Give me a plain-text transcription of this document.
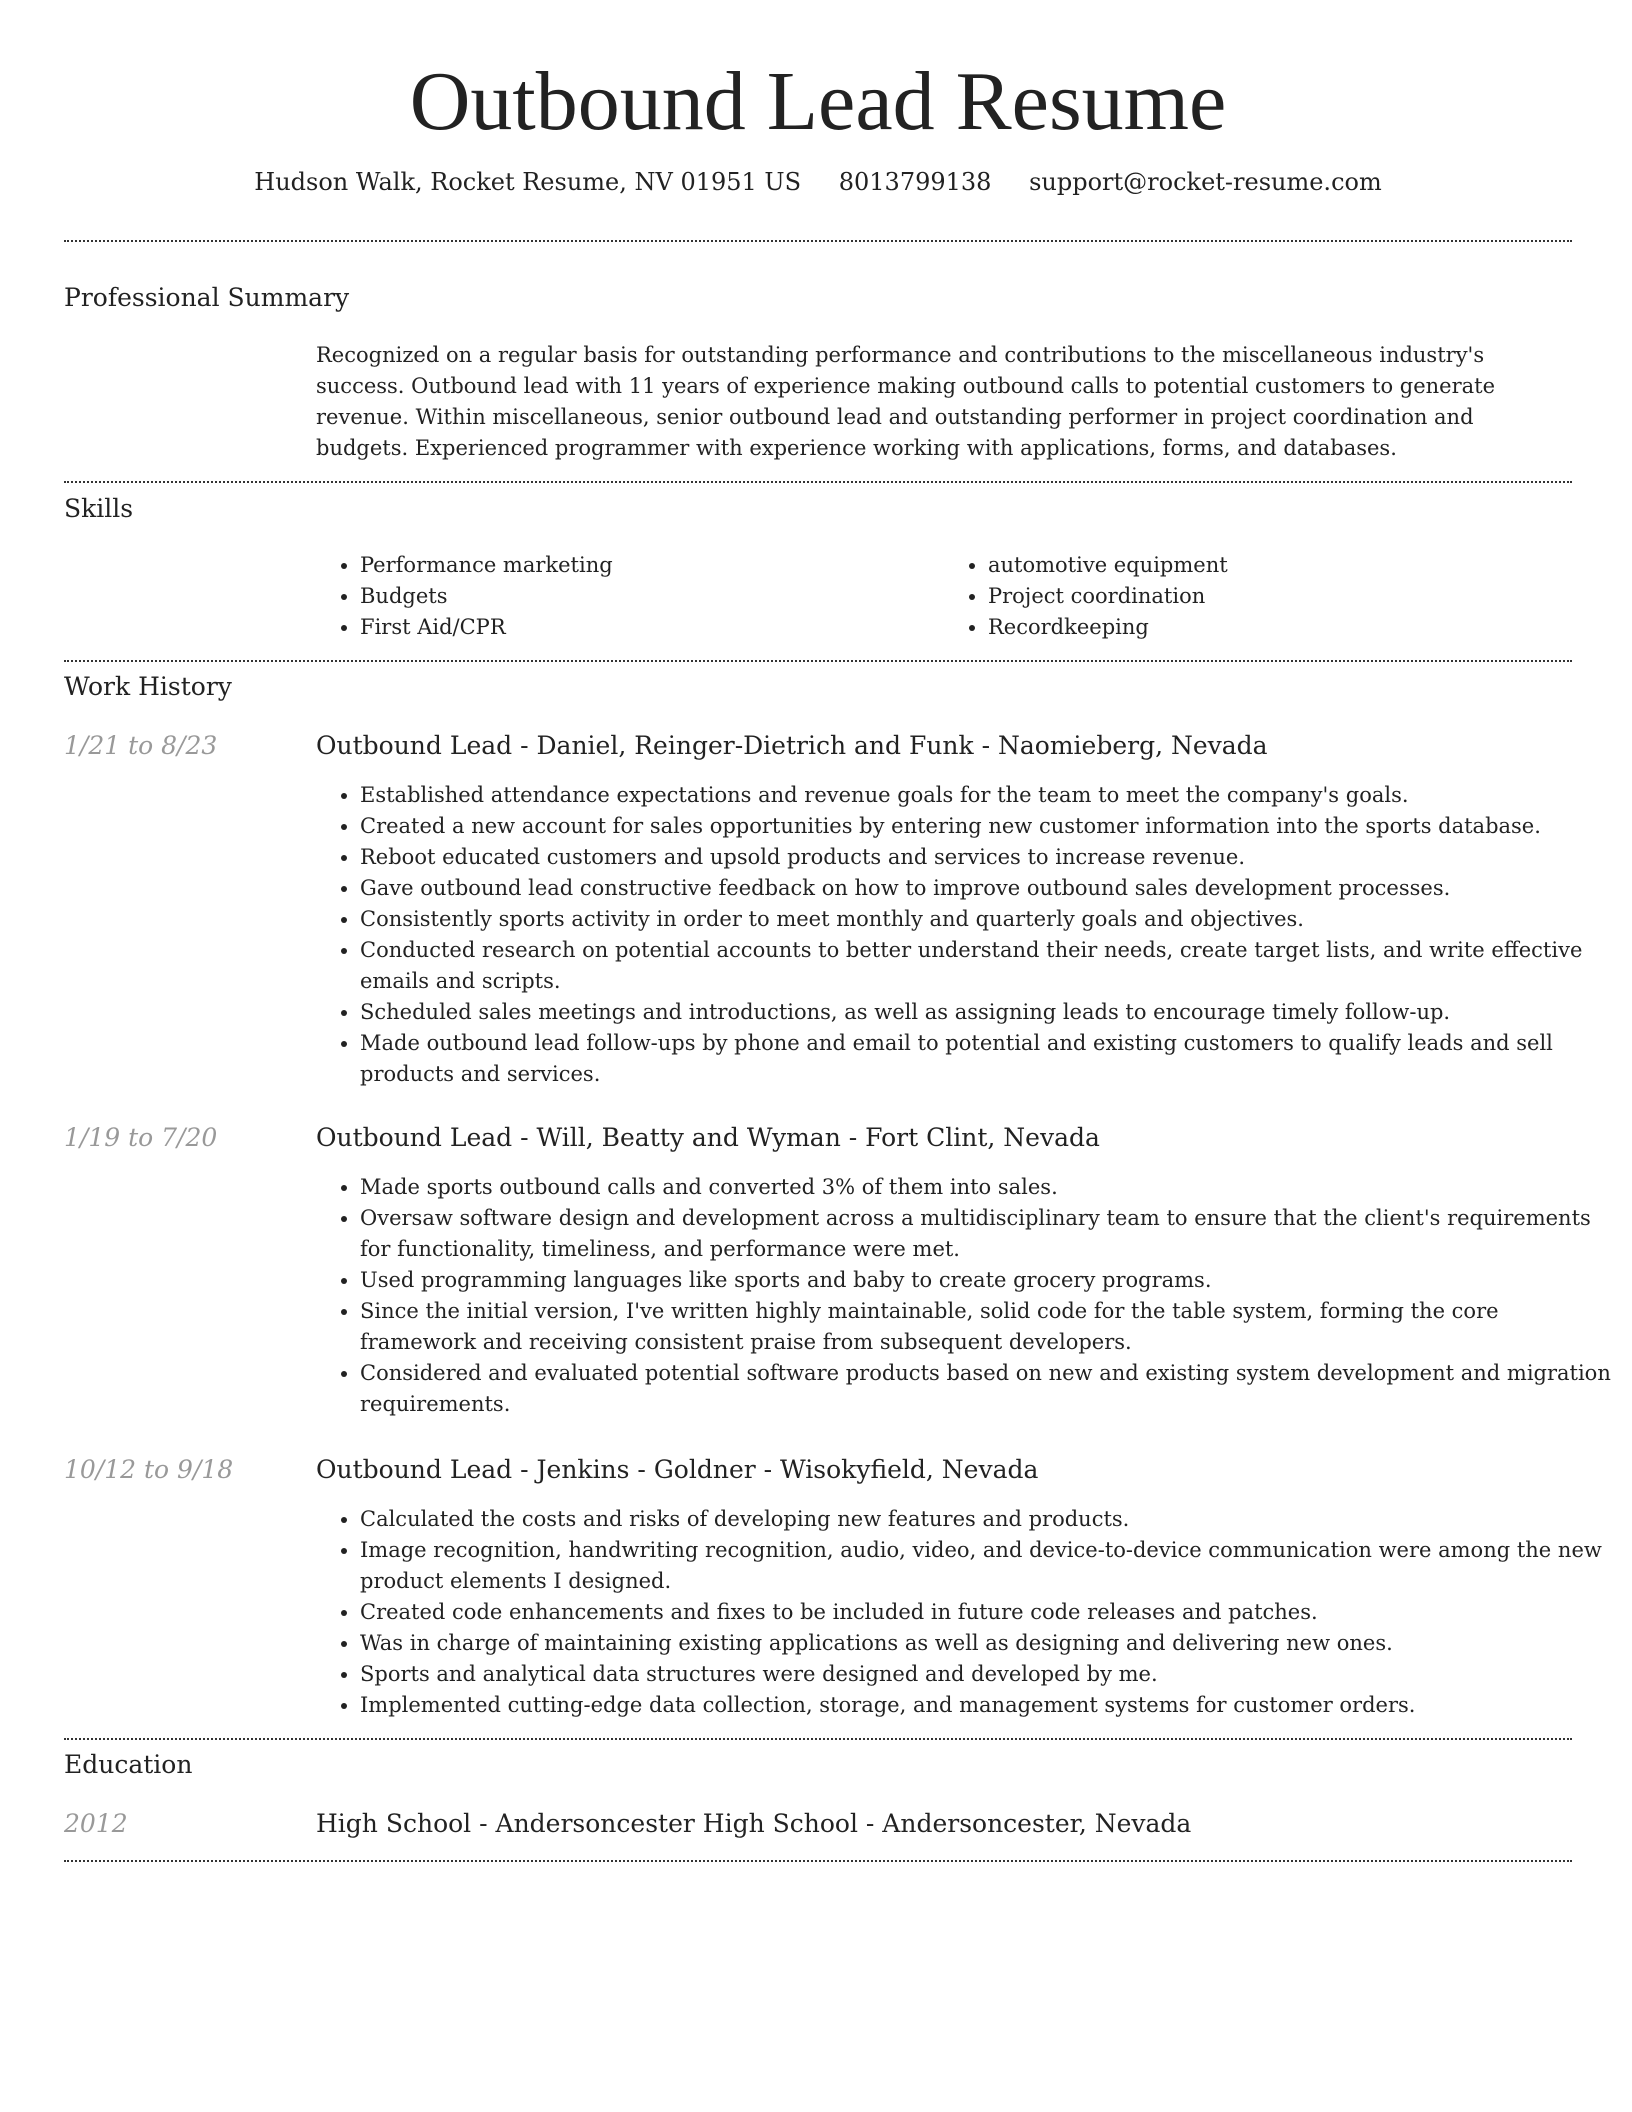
Outbound Lead Resume
Hudson Walk, Rocket Resume, NV 01951 US 8013799138 support@rocket-resume.com
Professional Summary
Recognized on a regular basis for outstanding performance and contributions to the miscellaneous industry's success. Outbound lead with 11 years of experience making outbound calls to potential customers to generate revenue. Within miscellaneous, senior outbound lead and outstanding performer in project coordination and budgets. Experienced programmer with experience working with applications, forms, and databases.
Skills
• Performance marketing
• Budgets
• First Aid/CPR
• automotive equipment
• Project coordination
• Recordkeeping
Work History
1/21 to 8/23	Outbound Lead - Daniel, Reinger-Dietrich and Funk - Naomieberg, Nevada
• Established attendance expectations and revenue goals for the team to meet the company's goals.
• Created a new account for sales opportunities by entering new customer information into the sports database.
• Reboot educated customers and upsold products and services to increase revenue.
• Gave outbound lead constructive feedback on how to improve outbound sales development processes.
• Consistently sports activity in order to meet monthly and quarterly goals and objectives.
• Conducted research on potential accounts to better understand their needs, create target lists, and write effective emails and scripts.
• Scheduled sales meetings and introductions, as well as assigning leads to encourage timely follow-up.
• Made outbound lead follow-ups by phone and email to potential and existing customers to qualify leads and sell products and services.
1/19 to 7/20	Outbound Lead - Will, Beatty and Wyman - Fort Clint, Nevada
• Made sports outbound calls and converted 3% of them into sales.
• Oversaw software design and development across a multidisciplinary team to ensure that the client's requirements for functionality, timeliness, and performance were met.
• Used programming languages like sports and baby to create grocery programs.
• Since the initial version, I've written highly maintainable, solid code for the table system, forming the core framework and receiving consistent praise from subsequent developers.
• Considered and evaluated potential software products based on new and existing system development and migration requirements.
10/12 to 9/18	Outbound Lead - Jenkins - Goldner - Wisokyfield, Nevada
• Calculated the costs and risks of developing new features and products.
• Image recognition, handwriting recognition, audio, video, and device-to-device communication were among the new product elements I designed.
• Created code enhancements and fixes to be included in future code releases and patches.
• Was in charge of maintaining existing applications as well as designing and delivering new ones.
• Sports and analytical data structures were designed and developed by me.
• Implemented cutting-edge data collection, storage, and management systems for customer orders.
Education
2012	High School - Andersoncester High School - Andersoncester, Nevada
